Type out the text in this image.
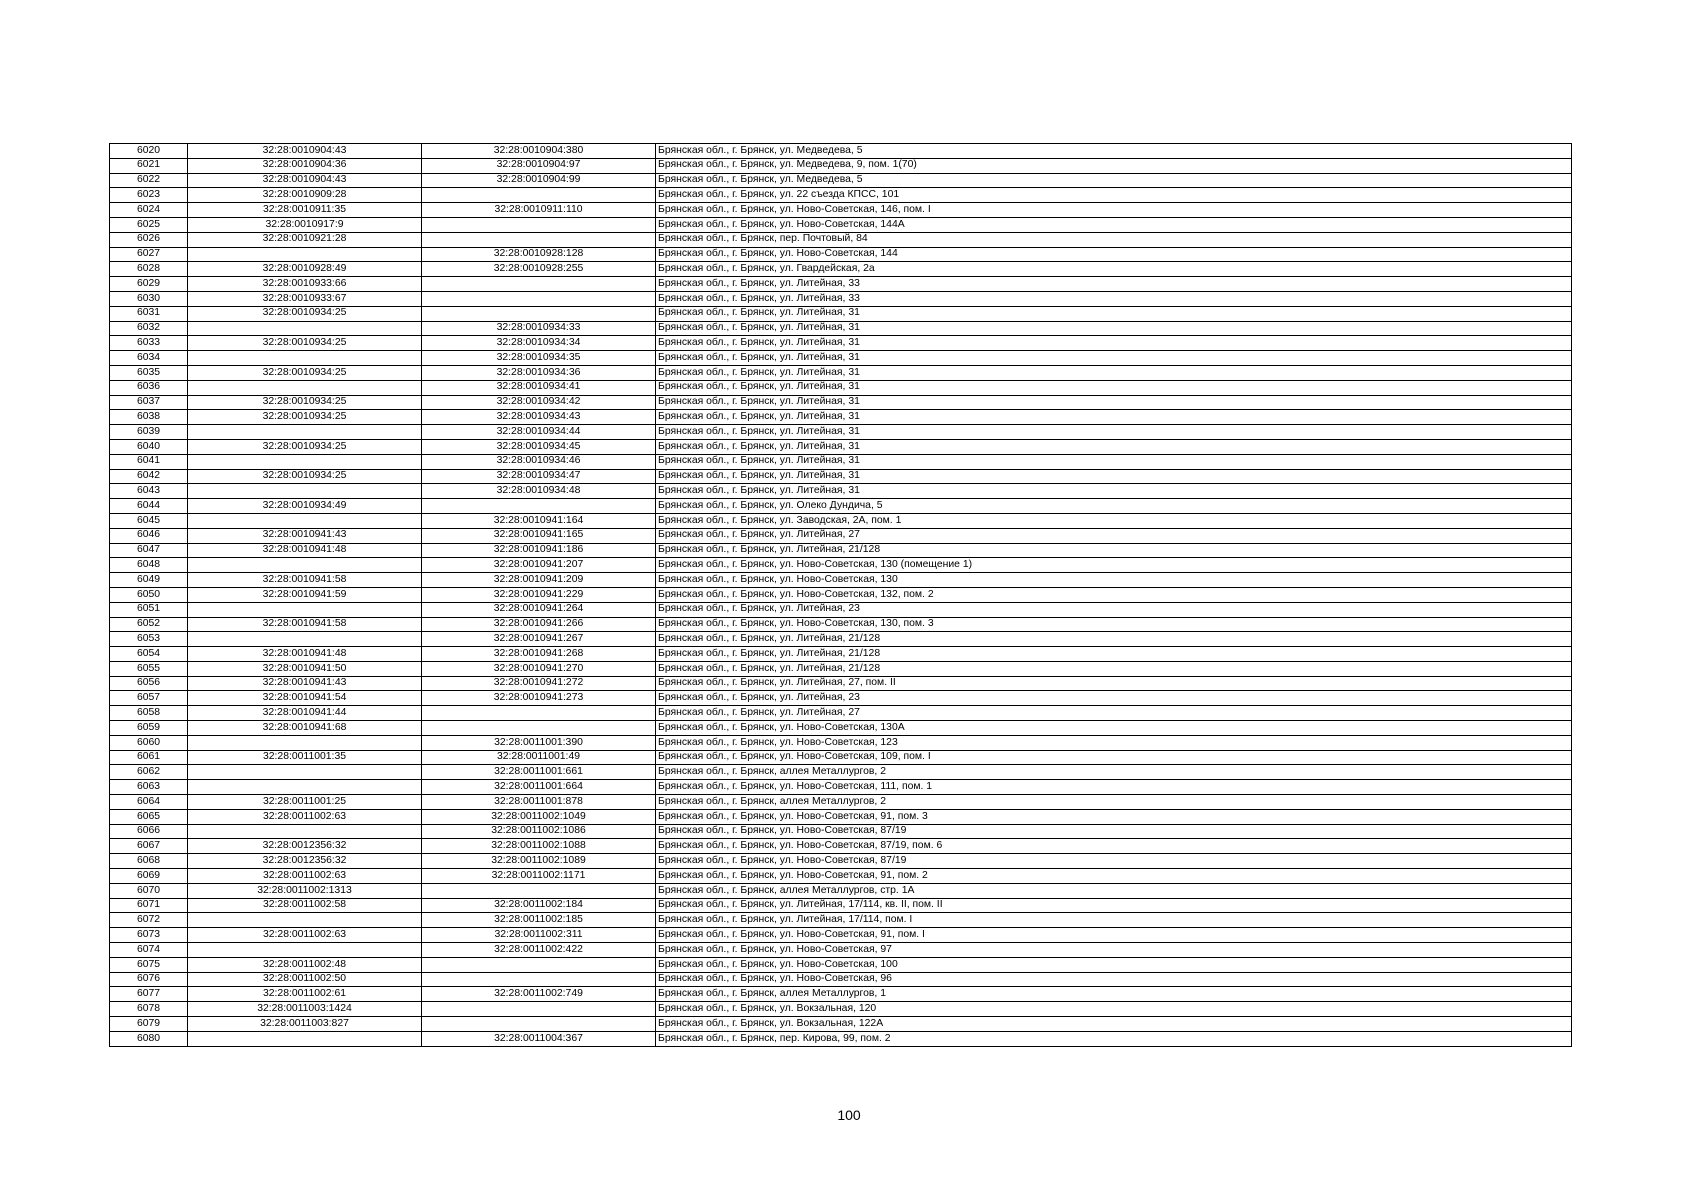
6020	32:28:0010904:43	32:28:0010904:380	Брянская обл., г. Брянск, ул. Медведева, 5
6021	32:28:0010904:36	32:28:0010904:97	Брянская обл., г. Брянск, ул. Медведева, 9, пом. 1(70)
6022	32:28:0010904:43	32:28:0010904:99	Брянская обл., г. Брянск, ул. Медведева, 5
6023	32:28:0010909:28		Брянская обл., г. Брянск, ул. 22 съезда КПСС, 101
6024	32:28:0010911:35	32:28:0010911:110	Брянская обл., г. Брянск, ул. Ново-Советская, 146, пом. I
6025	32:28:0010917:9		Брянская обл., г. Брянск, ул. Ново-Советская, 144А
6026	32:28:0010921:28		Брянская обл., г. Брянск, пер. Почтовый, 84
6027		32:28:0010928:128	Брянская обл., г. Брянск, ул. Ново-Советская, 144
6028	32:28:0010928:49	32:28:0010928:255	Брянская обл., г. Брянск, ул. Гвардейская, 2а
6029	32:28:0010933:66		Брянская обл., г. Брянск, ул. Литейная, 33
6030	32:28:0010933:67		Брянская обл., г. Брянск, ул. Литейная, 33
6031	32:28:0010934:25		Брянская обл., г. Брянск, ул. Литейная, 31
6032		32:28:0010934:33	Брянская обл., г. Брянск, ул. Литейная, 31
6033	32:28:0010934:25	32:28:0010934:34	Брянская обл., г. Брянск, ул. Литейная, 31
6034		32:28:0010934:35	Брянская обл., г. Брянск, ул. Литейная, 31
6035	32:28:0010934:25	32:28:0010934:36	Брянская обл., г. Брянск, ул. Литейная, 31
6036		32:28:0010934:41	Брянская обл., г. Брянск, ул. Литейная, 31
6037	32:28:0010934:25	32:28:0010934:42	Брянская обл., г. Брянск, ул. Литейная, 31
6038	32:28:0010934:25	32:28:0010934:43	Брянская обл., г. Брянск, ул. Литейная, 31
6039		32:28:0010934:44	Брянская обл., г. Брянск, ул. Литейная, 31
6040	32:28:0010934:25	32:28:0010934:45	Брянская обл., г. Брянск, ул. Литейная, 31
6041		32:28:0010934:46	Брянская обл., г. Брянск, ул. Литейная, 31
6042	32:28:0010934:25	32:28:0010934:47	Брянская обл., г. Брянск, ул. Литейная, 31
6043		32:28:0010934:48	Брянская обл., г. Брянск, ул. Литейная, 31
6044	32:28:0010934:49		Брянская обл., г. Брянск, ул. Олеко Дундича, 5
6045		32:28:0010941:164	Брянская обл., г. Брянск, ул. Заводская, 2А, пом. 1
6046	32:28:0010941:43	32:28:0010941:165	Брянская обл., г. Брянск, ул. Литейная, 27
6047	32:28:0010941:48	32:28:0010941:186	Брянская обл., г. Брянск, ул. Литейная, 21/128
6048		32:28:0010941:207	Брянская обл., г. Брянск, ул. Ново-Советская, 130 (помещение 1)
6049	32:28:0010941:58	32:28:0010941:209	Брянская обл., г. Брянск, ул. Ново-Советская, 130
6050	32:28:0010941:59	32:28:0010941:229	Брянская обл., г. Брянск, ул. Ново-Советская, 132, пом. 2
6051		32:28:0010941:264	Брянская обл., г. Брянск, ул. Литейная, 23
6052	32:28:0010941:58	32:28:0010941:266	Брянская обл., г. Брянск, ул. Ново-Советская, 130, пом. 3
6053		32:28:0010941:267	Брянская обл., г. Брянск, ул. Литейная, 21/128
6054	32:28:0010941:48	32:28:0010941:268	Брянская обл., г. Брянск, ул. Литейная, 21/128
6055	32:28:0010941:50	32:28:0010941:270	Брянская обл., г. Брянск, ул. Литейная, 21/128
6056	32:28:0010941:43	32:28:0010941:272	Брянская обл., г. Брянск, ул. Литейная, 27, пом. II
6057	32:28:0010941:54	32:28:0010941:273	Брянская обл., г. Брянск, ул. Литейная, 23
6058	32:28:0010941:44		Брянская обл., г. Брянск, ул. Литейная, 27
6059	32:28:0010941:68		Брянская обл., г. Брянск, ул. Ново-Советская, 130А
6060		32:28:0011001:390	Брянская обл., г. Брянск, ул. Ново-Советская, 123
6061	32:28:0011001:35	32:28:0011001:49	Брянская обл., г. Брянск, ул. Ново-Советская, 109, пом. I
6062		32:28:0011001:661	Брянская обл., г. Брянск, аллея Металлургов, 2
6063		32:28:0011001:664	Брянская обл., г. Брянск, ул. Ново-Советская, 111, пом. 1
6064	32:28:0011001:25	32:28:0011001:878	Брянская обл., г. Брянск, аллея Металлургов, 2
6065	32:28:0011002:63	32:28:0011002:1049	Брянская обл., г. Брянск, ул. Ново-Советская, 91, пом. 3
6066		32:28:0011002:1086	Брянская обл., г. Брянск, ул. Ново-Советская, 87/19
6067	32:28:0012356:32	32:28:0011002:1088	Брянская обл., г. Брянск, ул. Ново-Советская, 87/19, пом. 6
6068	32:28:0012356:32	32:28:0011002:1089	Брянская обл., г. Брянск, ул. Ново-Советская, 87/19
6069	32:28:0011002:63	32:28:0011002:1171	Брянская обл., г. Брянск, ул. Ново-Советская, 91, пом. 2
6070	32:28:0011002:1313		Брянская обл., г. Брянск, аллея Металлургов, стр. 1А
6071	32:28:0011002:58	32:28:0011002:184	Брянская обл., г. Брянск, ул. Литейная, 17/114, кв. II, пом. II
6072		32:28:0011002:185	Брянская обл., г. Брянск, ул. Литейная, 17/114, пом. I
6073	32:28:0011002:63	32:28:0011002:311	Брянская обл., г. Брянск, ул. Ново-Советская, 91, пом. I
6074		32:28:0011002:422	Брянская обл., г. Брянск, ул. Ново-Советская, 97
6075	32:28:0011002:48		Брянская обл., г. Брянск, ул. Ново-Советская, 100
6076	32:28:0011002:50		Брянская обл., г. Брянск, ул. Ново-Советская, 96
6077	32:28:0011002:61	32:28:0011002:749	Брянская обл., г. Брянск, аллея Металлургов, 1
6078	32:28:0011003:1424		Брянская обл., г. Брянск, ул. Вокзальная, 120
6079	32:28:0011003:827		Брянская обл., г. Брянск, ул. Вокзальная, 122А
6080		32:28:0011004:367	Брянская обл., г. Брянск, пер. Кирова, 99, пом. 2
100
